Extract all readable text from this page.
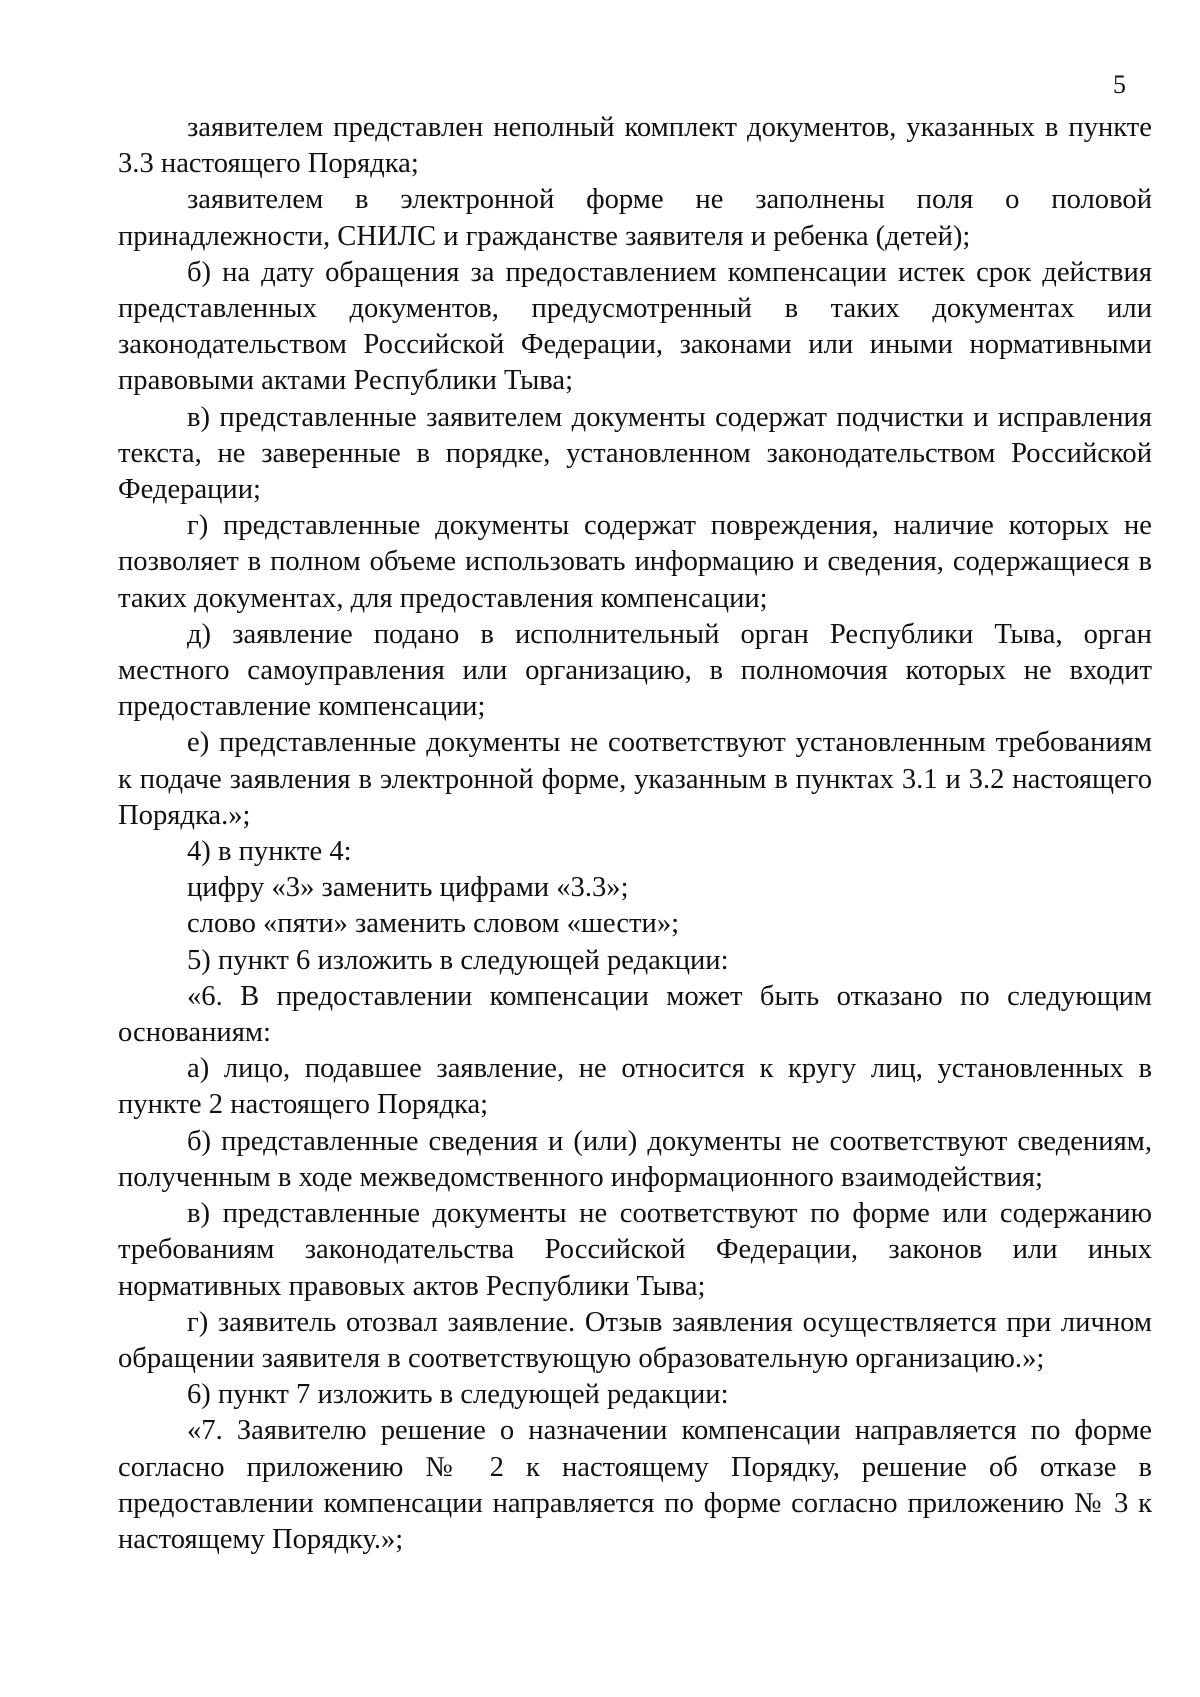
5

заявителем представлен неполный комплект документов, указанных в пункте 3.3 настоящего Порядка;

заявителем в электронной форме не заполнены поля о половой принадлежности, СНИЛС и гражданстве заявителя и ребенка (детей);

б) на дату обращения за предоставлением компенсации истек срок действия представленных документов, предусмотренный в таких документах или законодательством Российской Федерации, законами или иными нормативными правовыми актами Республики Тыва;

в) представленные заявителем документы содержат подчистки и исправления текста, не заверенные в порядке, установленном законодательством Российской Федерации;

г) представленные документы содержат повреждения, наличие которых не позволяет в полном объеме использовать информацию и сведения, содержащиеся в таких документах, для предоставления компенсации;

д) заявление подано в исполнительный орган Республики Тыва, орган местного самоуправления или организацию, в полномочия которых не входит предоставление компенсации;

е) представленные документы не соответствуют установленным требованиям к подаче заявления в электронной форме, указанным в пунктах 3.1 и 3.2 настоящего Порядка.»;

4) в пункте 4:

цифру «3» заменить цифрами «3.3»;

слово «пяти» заменить словом «шести»;

5) пункт 6 изложить в следующей редакции:

«6. В предоставлении компенсации может быть отказано по следующим основаниям:

а) лицо, подавшее заявление, не относится к кругу лиц, установленных в пункте 2 настоящего Порядка;

б) представленные сведения и (или) документы не соответствуют сведениям, полученным в ходе межведомственного информационного взаимодействия;

в) представленные документы не соответствуют по форме или содержанию требованиям законодательства Российской Федерации, законов или иных нормативных правовых актов Республики Тыва;

г) заявитель отозвал заявление. Отзыв заявления осуществляется при личном обращении заявителя в соответствующую образовательную организацию.»;

6) пункт 7 изложить в следующей редакции:

«7. Заявителю решение о назначении компенсации направляется по форме согласно приложению № 2 к настоящему Порядку, решение об отказе в предоставлении компенсации направляется по форме согласно приложению № 3 к настоящему Порядку.»;
